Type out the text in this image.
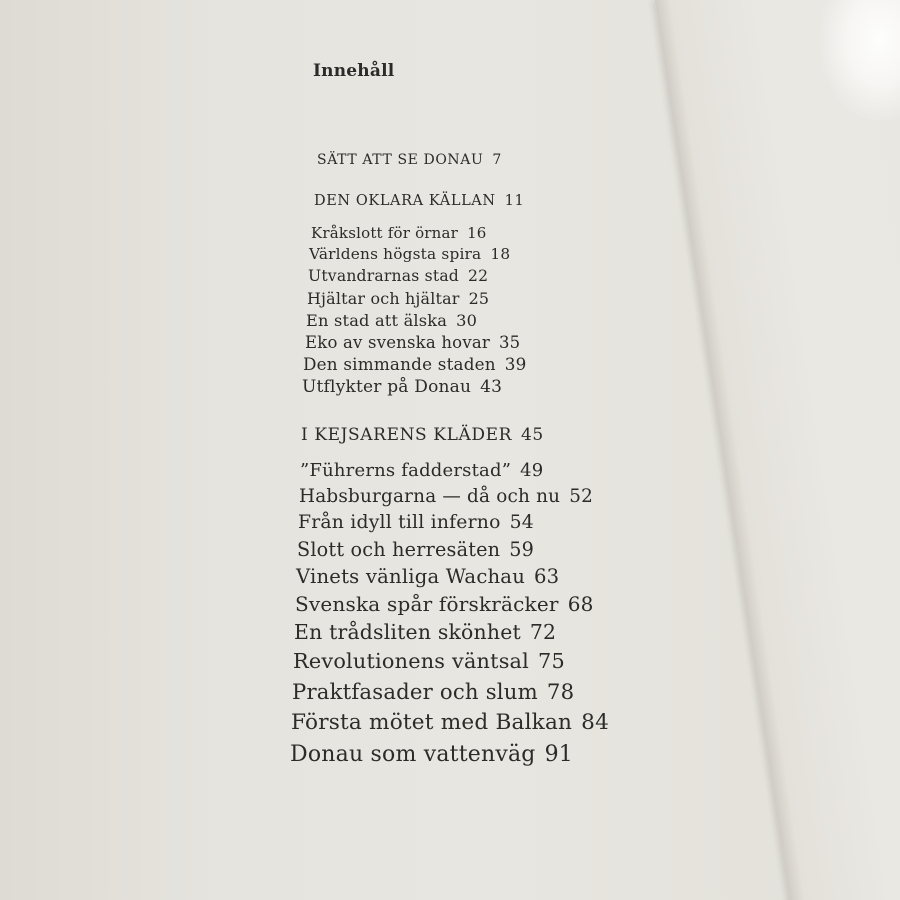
Innehåll
SÄTT ATT SE DONAU 7
DEN OKLARA KÄLLAN 11
Kråkslott för örnar 16
Världens högsta spira 18
Utvandrarnas stad 22
Hjältar och hjältar 25
En stad att älska 30
Eko av svenska hovar 35
Den simmande staden 39
Utflykter på Donau 43
I KEJSARENS KLÄDER 45
”Führerns fadderstad” 49
Habsburgarna — då och nu 52
Från idyll till inferno 54
Slott och herresäten 59
Vinets vänliga Wachau 63
Svenska spår förskräcker 68
En trådsliten skönhet 72
Revolutionens väntsal 75
Praktfasader och slum 78
Första mötet med Balkan 84
Donau som vattenväg 91
